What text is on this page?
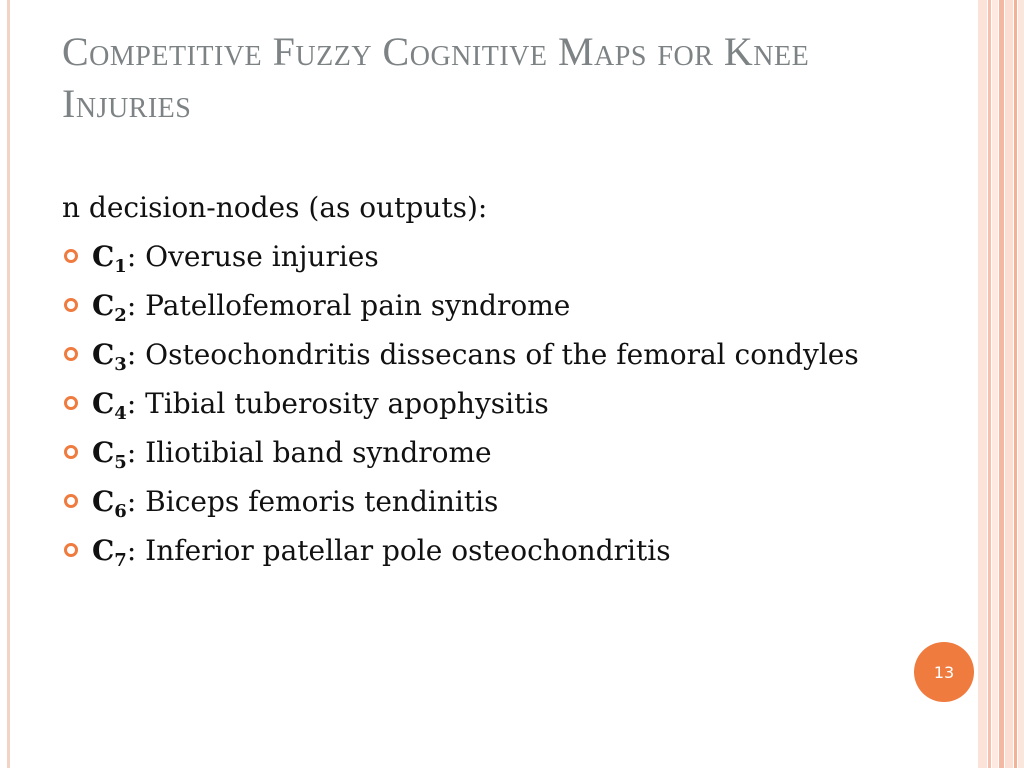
Competitive Fuzzy Cognitive Maps for Knee Injuries

n decision-nodes (as outputs):

$C_1$: Overuse injuries
$C_2$: Patellofemoral pain syndrome
$C_3$: Osteochondritis dissecans of the femoral condyles
$C_4$: Tibial tuberosity apophysitis
$C_5$: Iliotibial band syndrome
$C_6$: Biceps femoris tendinitis
$C_7$: Inferior patellar pole osteochondritis
13
